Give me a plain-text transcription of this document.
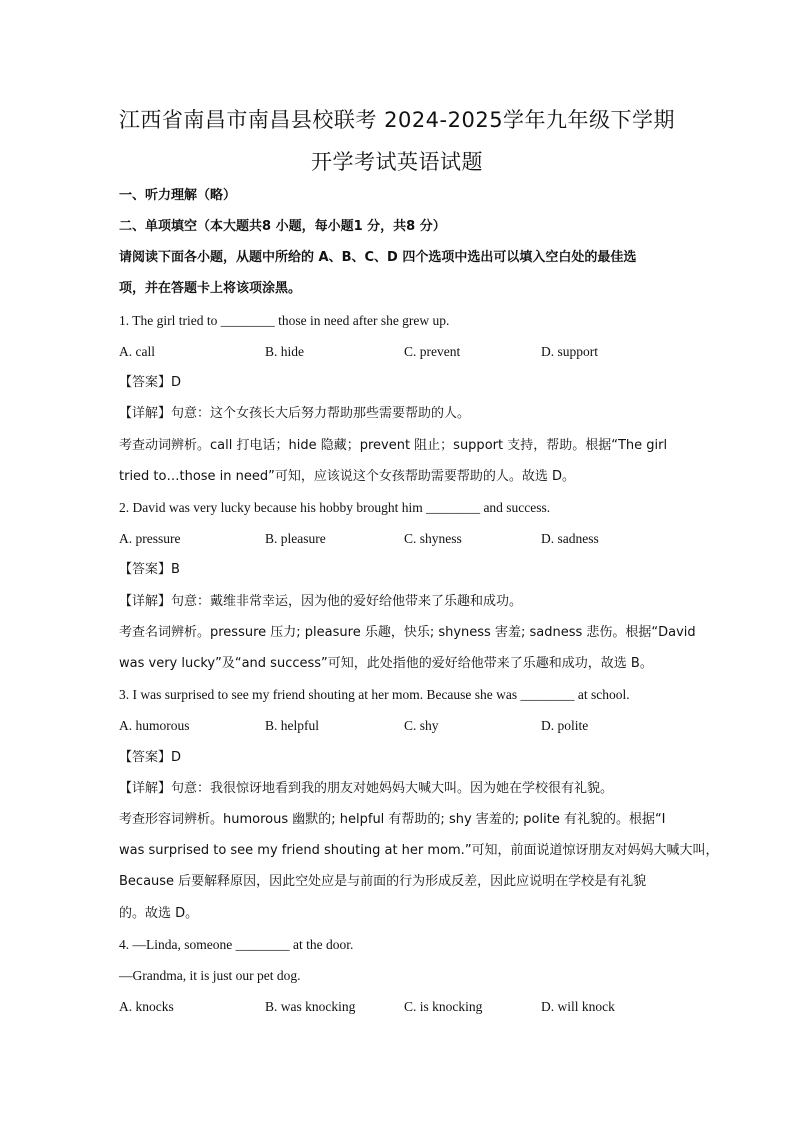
江西省南昌市南昌县校联考 2024-2025学年九年级下学期
开学考试英语试题
一、听力理解（略）
二、单项填空（本大题共8 小题，每小题1 分，共8 分）
请阅读下面各小题，从题中所给的 A、B、C、D 四个选项中选出可以填入空白处的最佳选
项，并在答题卡上将该项涂黑。
1. The girl tried to ________ those in need after she grew up.
A. call	B. hide	C. prevent	D. support
【答案】D
【详解】句意：这个女孩长大后努力帮助那些需要帮助的人。
考查动词辨析。call 打电话；hide 隐藏；prevent 阻止；support 支持，帮助。根据“The girl
tried to…those in need”可知，应该说这个女孩帮助需要帮助的人。故选 D。
2. David was very lucky because his hobby brought him ________ and success.
A. pressure	B. pleasure	C. shyness	D. sadness
【答案】B
【详解】句意：戴维非常幸运，因为他的爱好给他带来了乐趣和成功。
考查名词辨析。pressure 压力; pleasure 乐趣，快乐; shyness 害羞; sadness 悲伤。根据“David
was very lucky”及“and success”可知，此处指他的爱好给他带来了乐趣和成功，故选 B。
3. I was surprised to see my friend shouting at her mom. Because she was ________ at school.
A. humorous	B. helpful	C. shy	D. polite
【答案】D
【详解】句意：我很惊讶地看到我的朋友对她妈妈大喊大叫。因为她在学校很有礼貌。
考查形容词辨析。humorous 幽默的; helpful 有帮助的; shy 害羞的; polite 有礼貌的。根据“I
was surprised to see my friend shouting at her mom.”可知，前面说道惊讶朋友对妈妈大喊大叫，
Because 后要解释原因，因此空处应是与前面的行为形成反差，因此应说明在学校是有礼貌
的。故选 D。
4. —Linda, someone ________ at the door.
—Grandma, it is just our pet dog.
A. knocks	B. was knocking	C. is knocking	D. will knock
